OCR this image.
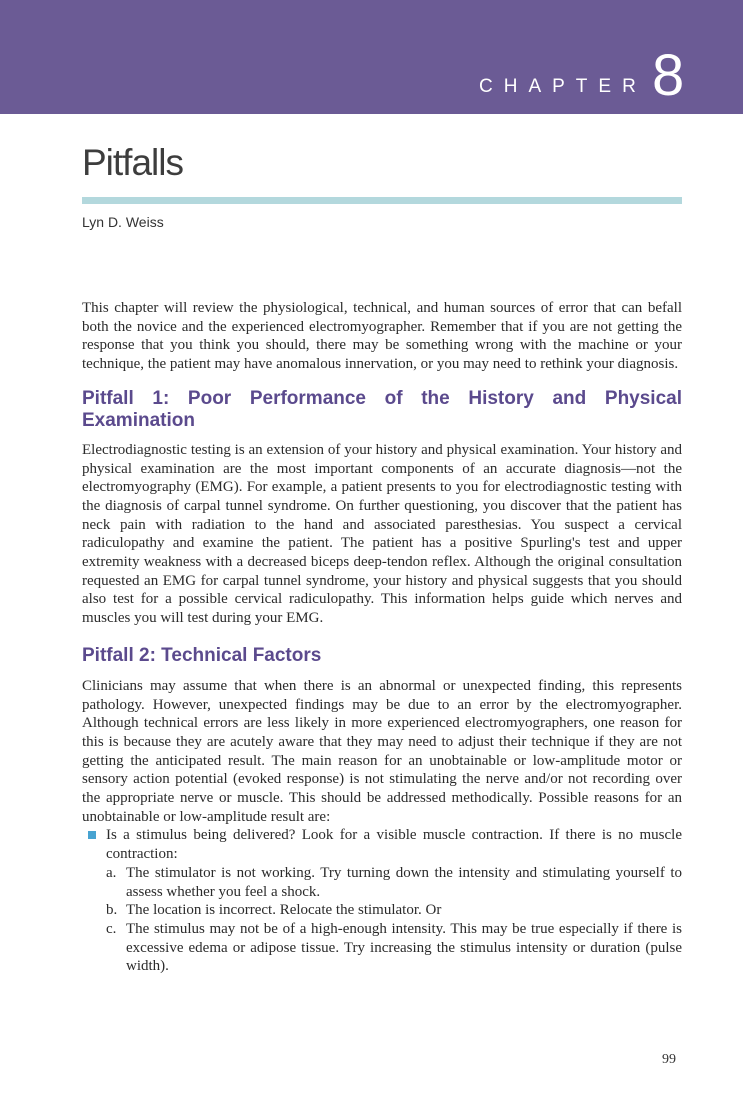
CHAPTER 8
Pitfalls
Lyn D. Weiss

This chapter will review the physiological, technical, and human sources of error that can befall both the novice and the experienced electromyographer. Remember that if you are not getting the response that you think you should, there may be something wrong with the machine or your technique, the patient may have anomalous innervation, or you may need to rethink your diagnosis.

Pitfall 1: Poor Performance of the History and Physical Examination

Electrodiagnostic testing is an extension of your history and physical examination. Your history and physical examination are the most important components of an accurate diagnosis—not the electromyography (EMG). For example, a patient presents to you for electrodiagnostic testing with the diagnosis of carpal tunnel syndrome. On further questioning, you discover that the patient has neck pain with radiation to the hand and associated paresthesias. You suspect a cervical radiculopathy and examine the patient. The patient has a positive Spurling's test and upper extremity weakness with a decreased biceps deep-tendon reflex. Although the original consultation requested an EMG for carpal tunnel syndrome, your history and physical suggests that you should also test for a possible cervical radiculopathy. This information helps guide which nerves and muscles you will test during your EMG.

Pitfall 2: Technical Factors

Clinicians may assume that when there is an abnormal or unexpected finding, this represents pathology. However, unexpected findings may be due to an error by the electromyographer. Although technical errors are less likely in more experienced electromyographers, one reason for this is because they are acutely aware that they may need to adjust their technique if they are not getting the anticipated result. The main reason for an unobtainable or low-amplitude motor or sensory action potential (evoked response) is not stimulating the nerve and/or not recording over the appropriate nerve or muscle. This should be addressed methodically. Possible reasons for an unobtainable or low-amplitude result are:

Is a stimulus being delivered? Look for a visible muscle contraction. If there is no muscle contraction:
a. The stimulator is not working. Try turning down the intensity and stimulating yourself to assess whether you feel a shock.
b. The location is incorrect. Relocate the stimulator. Or
c. The stimulus may not be of a high-enough intensity. This may be true especially if there is excessive edema or adipose tissue. Try increasing the stimulus intensity or duration (pulse width).
99
